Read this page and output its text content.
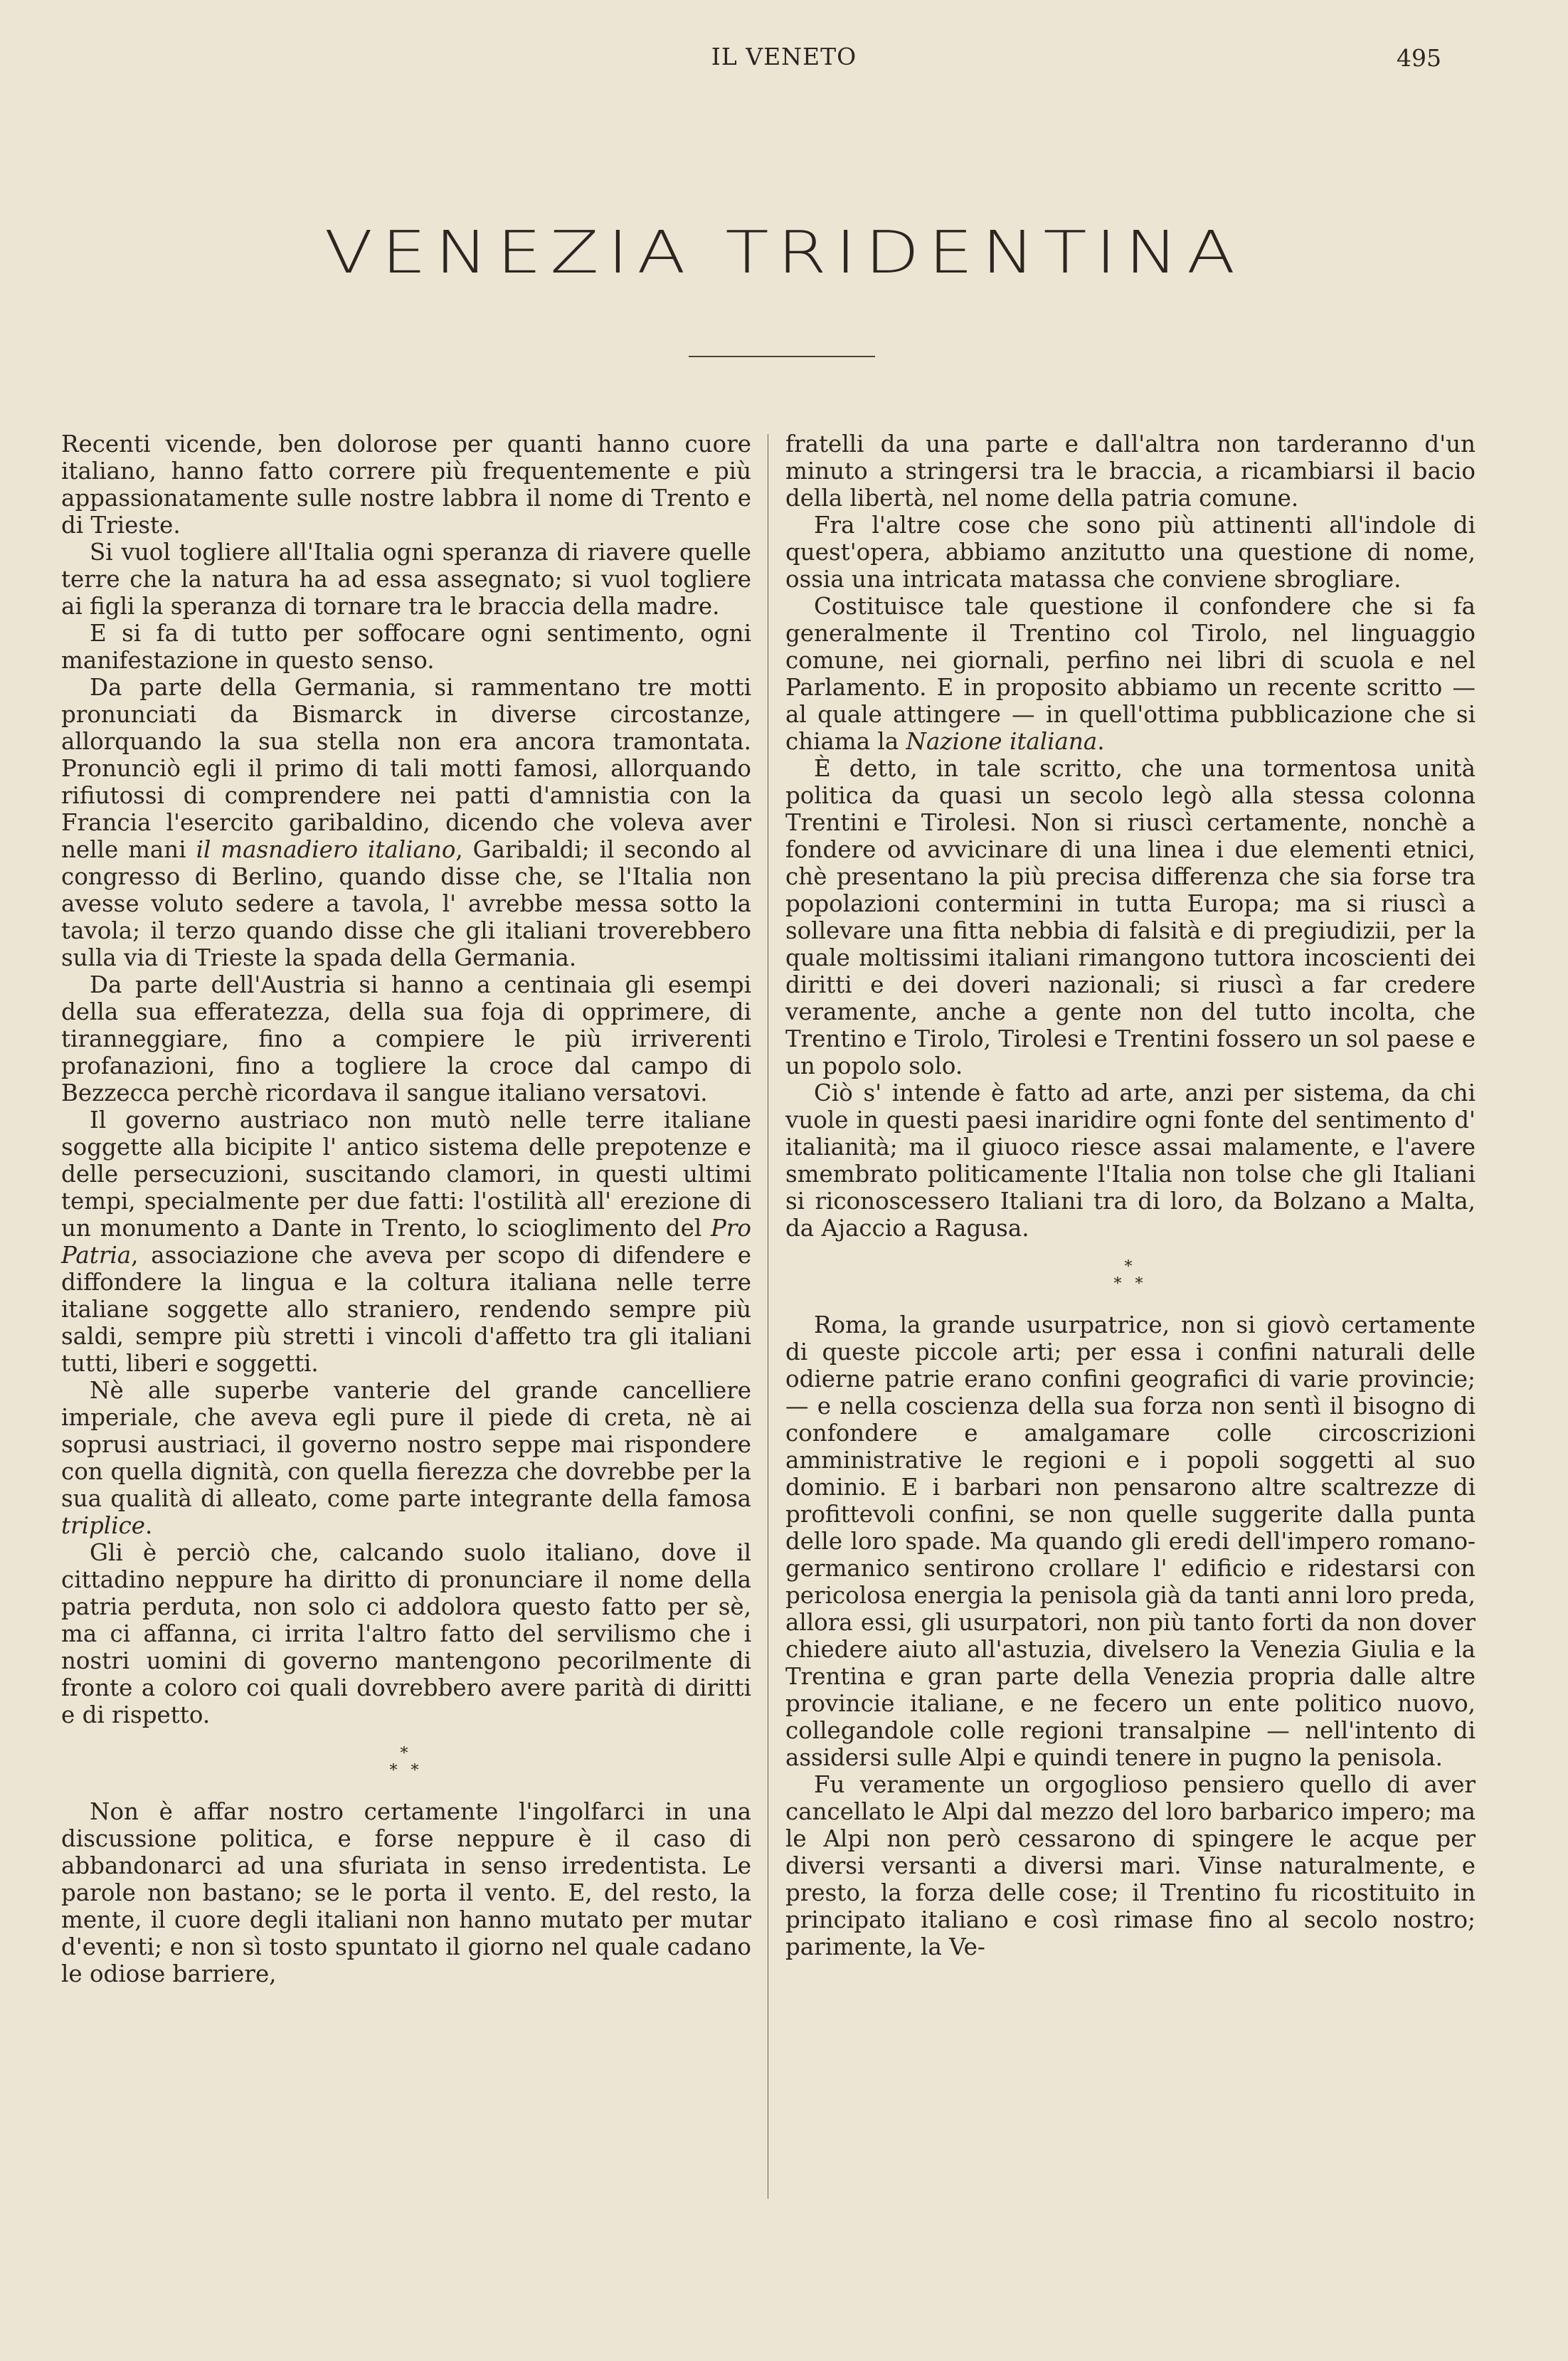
IL VENETO	495
VENEZIA TRIDENTINA

Recenti vicende, ben dolorose per quanti hanno cuore italiano, hanno fatto correre più frequentemente e più appassionatamente sulle nostre labbra il nome di Trento e di Trieste.

Si vuol togliere all'Italia ogni speranza di riavere quelle terre che la natura ha ad essa assegnato; si vuol togliere ai figli la speranza di tornare tra le braccia della madre.

E si fa di tutto per soffocare ogni sentimento, ogni manifestazione in questo senso.

Da parte della Germania, si rammentano tre motti pronunciati da Bismarck in diverse circostanze, allorquando la sua stella non era ancora tramontata. Pronunciò egli il primo di tali motti famosi, allorquando rifiutossi di comprendere nei patti d'amnistia con la Francia l'esercito garibaldino, dicendo che voleva aver nelle mani il masnadiero italiano, Garibaldi; il secondo al congresso di Berlino, quando disse che, se l'Italia non avesse voluto sedere a tavola, l' avrebbe messa sotto la tavola; il terzo quando disse che gli italiani troverebbero sulla via di Trieste la spada della Germania.

Da parte dell'Austria si hanno a centinaia gli esempi della sua efferatezza, della sua foja di opprimere, di tiranneggiare, fino a compiere le più irriverenti profanazioni, fino a togliere la croce dal campo di Bezzecca perchè ricordava il sangue italiano versatovi.

Il governo austriaco non mutò nelle terre italiane soggette alla bicipite l' antico sistema delle prepotenze e delle persecuzioni, suscitando clamori, in questi ultimi tempi, specialmente per due fatti: l'ostilità all' erezione di un monumento a Dante in Trento, lo scioglimento del Pro Patria, associazione che aveva per scopo di difendere e diffondere la lingua e la coltura italiana nelle terre italiane soggette allo straniero, rendendo sempre più saldi, sempre più stretti i vincoli d'affetto tra gli italiani tutti, liberi e soggetti.

Nè alle superbe vanterie del grande cancelliere imperiale, che aveva egli pure il piede di creta, nè ai soprusi austriaci, il governo nostro seppe mai rispondere con quella dignità, con quella fierezza che dovrebbe per la sua qualità di alleato, come parte integrante della famosa triplice.

Gli è perciò che, calcando suolo italiano, dove il cittadino neppure ha diritto di pronunciare il nome della patria perduta, non solo ci addolora questo fatto per sè, ma ci affanna, ci irrita l'altro fatto del servilismo che i nostri uomini di governo mantengono pecorilmente di fronte a coloro coi quali dovrebbero avere parità di diritti e di rispetto.

*
* *

Non è affar nostro certamente l'ingolfarci in una discussione politica, e forse neppure è il caso di abbandonarci ad una sfuriata in senso irredentista. Le parole non bastano; se le porta il vento. E, del resto, la mente, il cuore degli italiani non hanno mutato per mutar d'eventi; e non sì tosto spuntato il giorno nel quale cadano le odiose barriere,

fratelli da una parte e dall'altra non tarderanno d'un minuto a stringersi tra le braccia, a ricambiarsi il bacio della libertà, nel nome della patria comune.

Fra l'altre cose che sono più attinenti all'indole di quest'opera, abbiamo anzitutto una questione di nome, ossia una intricata matassa che conviene sbrogliare.

Costituisce tale questione il confondere che si fa generalmente il Trentino col Tirolo, nel linguaggio comune, nei giornali, perfino nei libri di scuola e nel Parlamento. E in proposito abbiamo un recente scritto — al quale attingere — in quell'ottima pubblicazione che si chiama la Nazione italiana.

È detto, in tale scritto, che una tormentosa unità politica da quasi un secolo legò alla stessa colonna Trentini e Tirolesi. Non si riuscì certamente, nonchè a fondere od avvicinare di una linea i due elementi etnici, chè presentano la più precisa differenza che sia forse tra popolazioni contermini in tutta Europa; ma si riuscì a sollevare una fitta nebbia di falsità e di pregiudizii, per la quale moltissimi italiani rimangono tuttora incoscienti dei diritti e dei doveri nazionali; si riuscì a far credere veramente, anche a gente non del tutto incolta, che Trentino e Tirolo, Tirolesi e Trentini fossero un sol paese e un popolo solo.

Ciò s' intende è fatto ad arte, anzi per sistema, da chi vuole in questi paesi inaridire ogni fonte del sentimento d' italianità; ma il giuoco riesce assai malamente, e l'avere smembrato politicamente l'Italia non tolse che gli Italiani si riconoscessero Italiani tra di loro, da Bolzano a Malta, da Ajaccio a Ragusa.

*
* *

Roma, la grande usurpatrice, non si giovò certamente di queste piccole arti; per essa i confini naturali delle odierne patrie erano confini geografici di varie provincie; — e nella coscienza della sua forza non sentì il bisogno di confondere e amalgamare colle circoscrizioni amministrative le regioni e i popoli soggetti al suo dominio. E i barbari non pensarono altre scaltrezze di profittevoli confini, se non quelle suggerite dalla punta delle loro spade. Ma quando gli eredi dell'impero romano-germanico sentirono crollare l' edificio e ridestarsi con pericolosa energia la penisola già da tanti anni loro preda, allora essi, gli usurpatori, non più tanto forti da non dover chiedere aiuto all'astuzia, divelsero la Venezia Giulia e la Trentina e gran parte della Venezia propria dalle altre provincie italiane, e ne fecero un ente politico nuovo, collegandole colle regioni transalpine — nell'intento di assidersi sulle Alpi e quindi tenere in pugno la penisola.

Fu veramente un orgoglioso pensiero quello di aver cancellato le Alpi dal mezzo del loro barbarico impero; ma le Alpi non però cessarono di spingere le acque per diversi versanti a diversi mari. Vinse naturalmente, e presto, la forza delle cose; il Trentino fu ricostituito in principato italiano e così rimase fino al secolo nostro; parimente, la Ve-
